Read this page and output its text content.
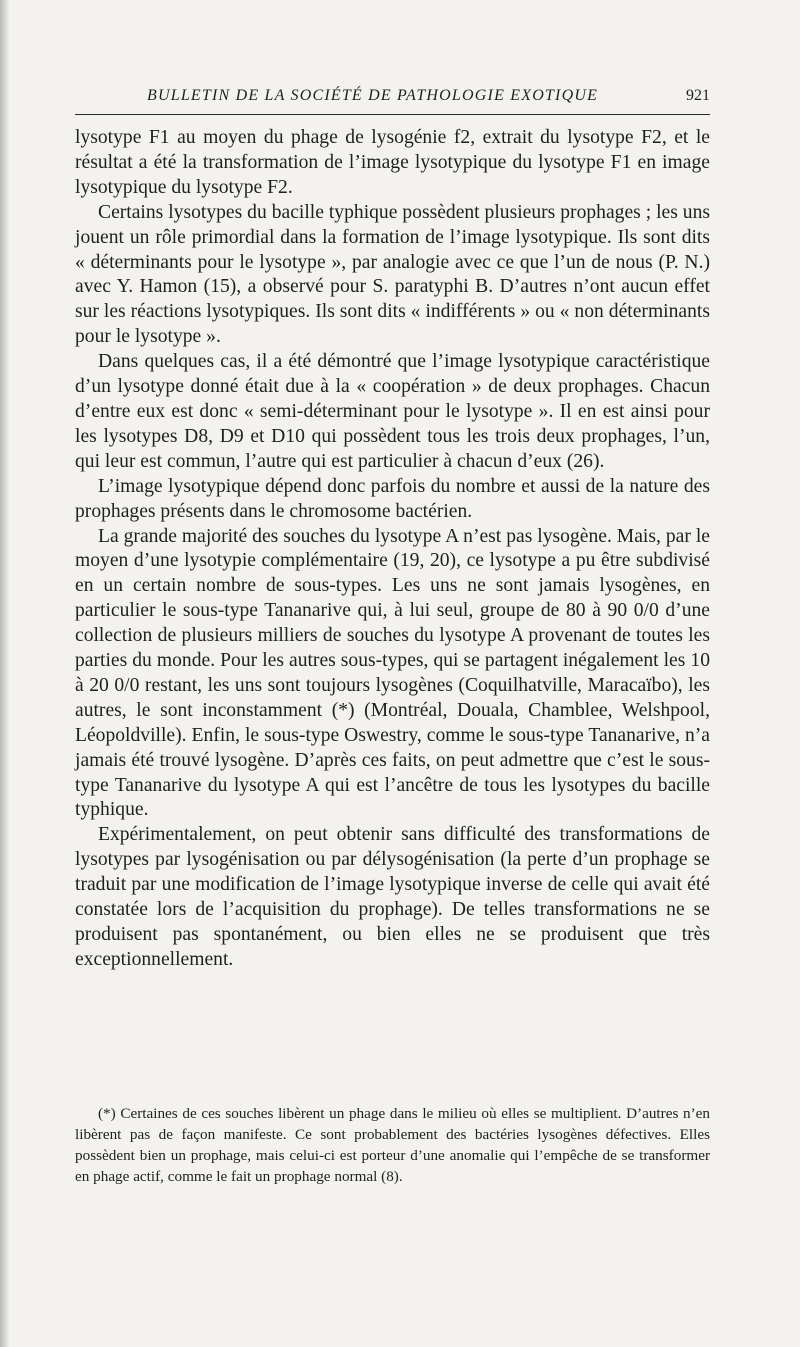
BULLETIN DE LA SOCIÉTÉ DE PATHOLOGIE EXOTIQUE	921

lysotype F1 au moyen du phage de lysogénie f2, extrait du lysotype F2, et le résultat a été la transformation de l’image lysotypique du lysotype F1 en image lysotypique du lysotype F2.

Certains lysotypes du bacille typhique possèdent plusieurs prophages ; les uns jouent un rôle primordial dans la formation de l’image lysotypique. Ils sont dits « déterminants pour le lysotype », par analogie avec ce que l’un de nous (P. N.) avec Y. Hamon (15), a observé pour S. paratyphi B. D’autres n’ont aucun effet sur les réactions lysotypiques. Ils sont dits « indifférents » ou « non déterminants pour le lysotype ».

Dans quelques cas, il a été démontré que l’image lysotypique caractéristique d’un lysotype donné était due à la « coopération » de deux prophages. Chacun d’entre eux est donc « semi-déterminant pour le lysotype ». Il en est ainsi pour les lysotypes D8, D9 et D10 qui possèdent tous les trois deux prophages, l’un, qui leur est commun, l’autre qui est particulier à chacun d’eux (26).

L’image lysotypique dépend donc parfois du nombre et aussi de la nature des prophages présents dans le chromosome bactérien.

La grande majorité des souches du lysotype A n’est pas lysogène. Mais, par le moyen d’une lysotypie complémentaire (19, 20), ce lysotype a pu être subdivisé en un certain nombre de sous-types. Les uns ne sont jamais lysogènes, en particulier le sous-type Tananarive qui, à lui seul, groupe de 80 à 90 0/0 d’une collection de plusieurs milliers de souches du lysotype A provenant de toutes les parties du monde. Pour les autres sous-types, qui se partagent inégalement les 10 à 20 0/0 restant, les uns sont toujours lysogènes (Coquilhatville, Maracaïbo), les autres, le sont inconstamment (*) (Montréal, Douala, Chamblee, Welshpool, Léopoldville). Enfin, le sous-type Oswestry, comme le sous-type Tananarive, n’a jamais été trouvé lysogène. D’après ces faits, on peut admettre que c’est le sous-type Tananarive du lysotype A qui est l’ancêtre de tous les lysotypes du bacille typhique.

Expérimentalement, on peut obtenir sans difficulté des transformations de lysotypes par lysogénisation ou par délysogénisation (la perte d’un prophage se traduit par une modification de l’image lysotypique inverse de celle qui avait été constatée lors de l’acquisition du prophage). De telles transformations ne se produisent pas spontanément, ou bien elles ne se produisent que très exceptionnellement.

(*) Certaines de ces souches libèrent un phage dans le milieu où elles se multiplient. D’autres n’en libèrent pas de façon manifeste. Ce sont probablement des bactéries lysogènes défectives. Elles possèdent bien un prophage, mais celui-ci est porteur d’une anomalie qui l’empêche de se transformer en phage actif, comme le fait un prophage normal (8).
